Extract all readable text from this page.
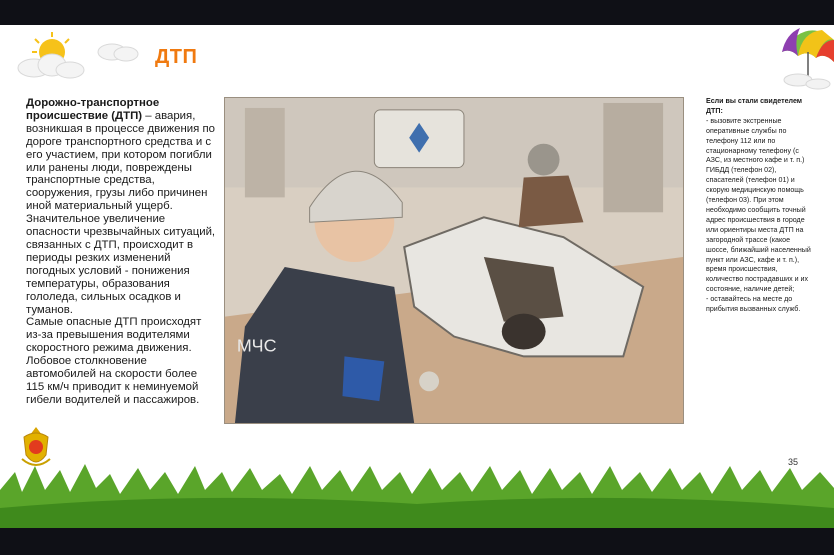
ДТП

Дорожно-транспортное происшествие (ДТП) – авария, возникшая в процессе движения по дороге транспортного средства и с его участием, при котором погибли или ранены люди, повреждены транспортные средства, сооружения, грузы либо причинен иной материальный ущерб.

Значительное увеличение опасности чрезвычайных ситуаций, связанных с ДТП, происходит в периоды резких изменений погодных условий - понижения температуры, образования гололеда, сильных осадков и туманов.

Самые опасные ДТП происходят из-за превышения водителями скоростного режима движения. Лобовое столкновение автомобилей на скорости более 115 км/ч приводит к неминуемой гибели водителей и пассажиров.

МЧС

Если вы стали свидетелем ДТП:

- вызовите экстренные оперативные службы по телефону 112 или по стационарному телефону (с АЗС, из местного кафе и т. п.) ГИБДД (телефон 02), спасателей (телефон 01) и скорую медицинскую помощь (телефон 03). При этом необходимо сообщить точный адрес происшествия в городе или ориентиры места ДТП на загородной трассе (какое шоссе, ближайший населенный пункт или АЗС, кафе и т. п.), время происшествия, количество пострадавших и их состояние, наличие детей;

- оставайтесь на месте до прибытия вызванных служб.

35
